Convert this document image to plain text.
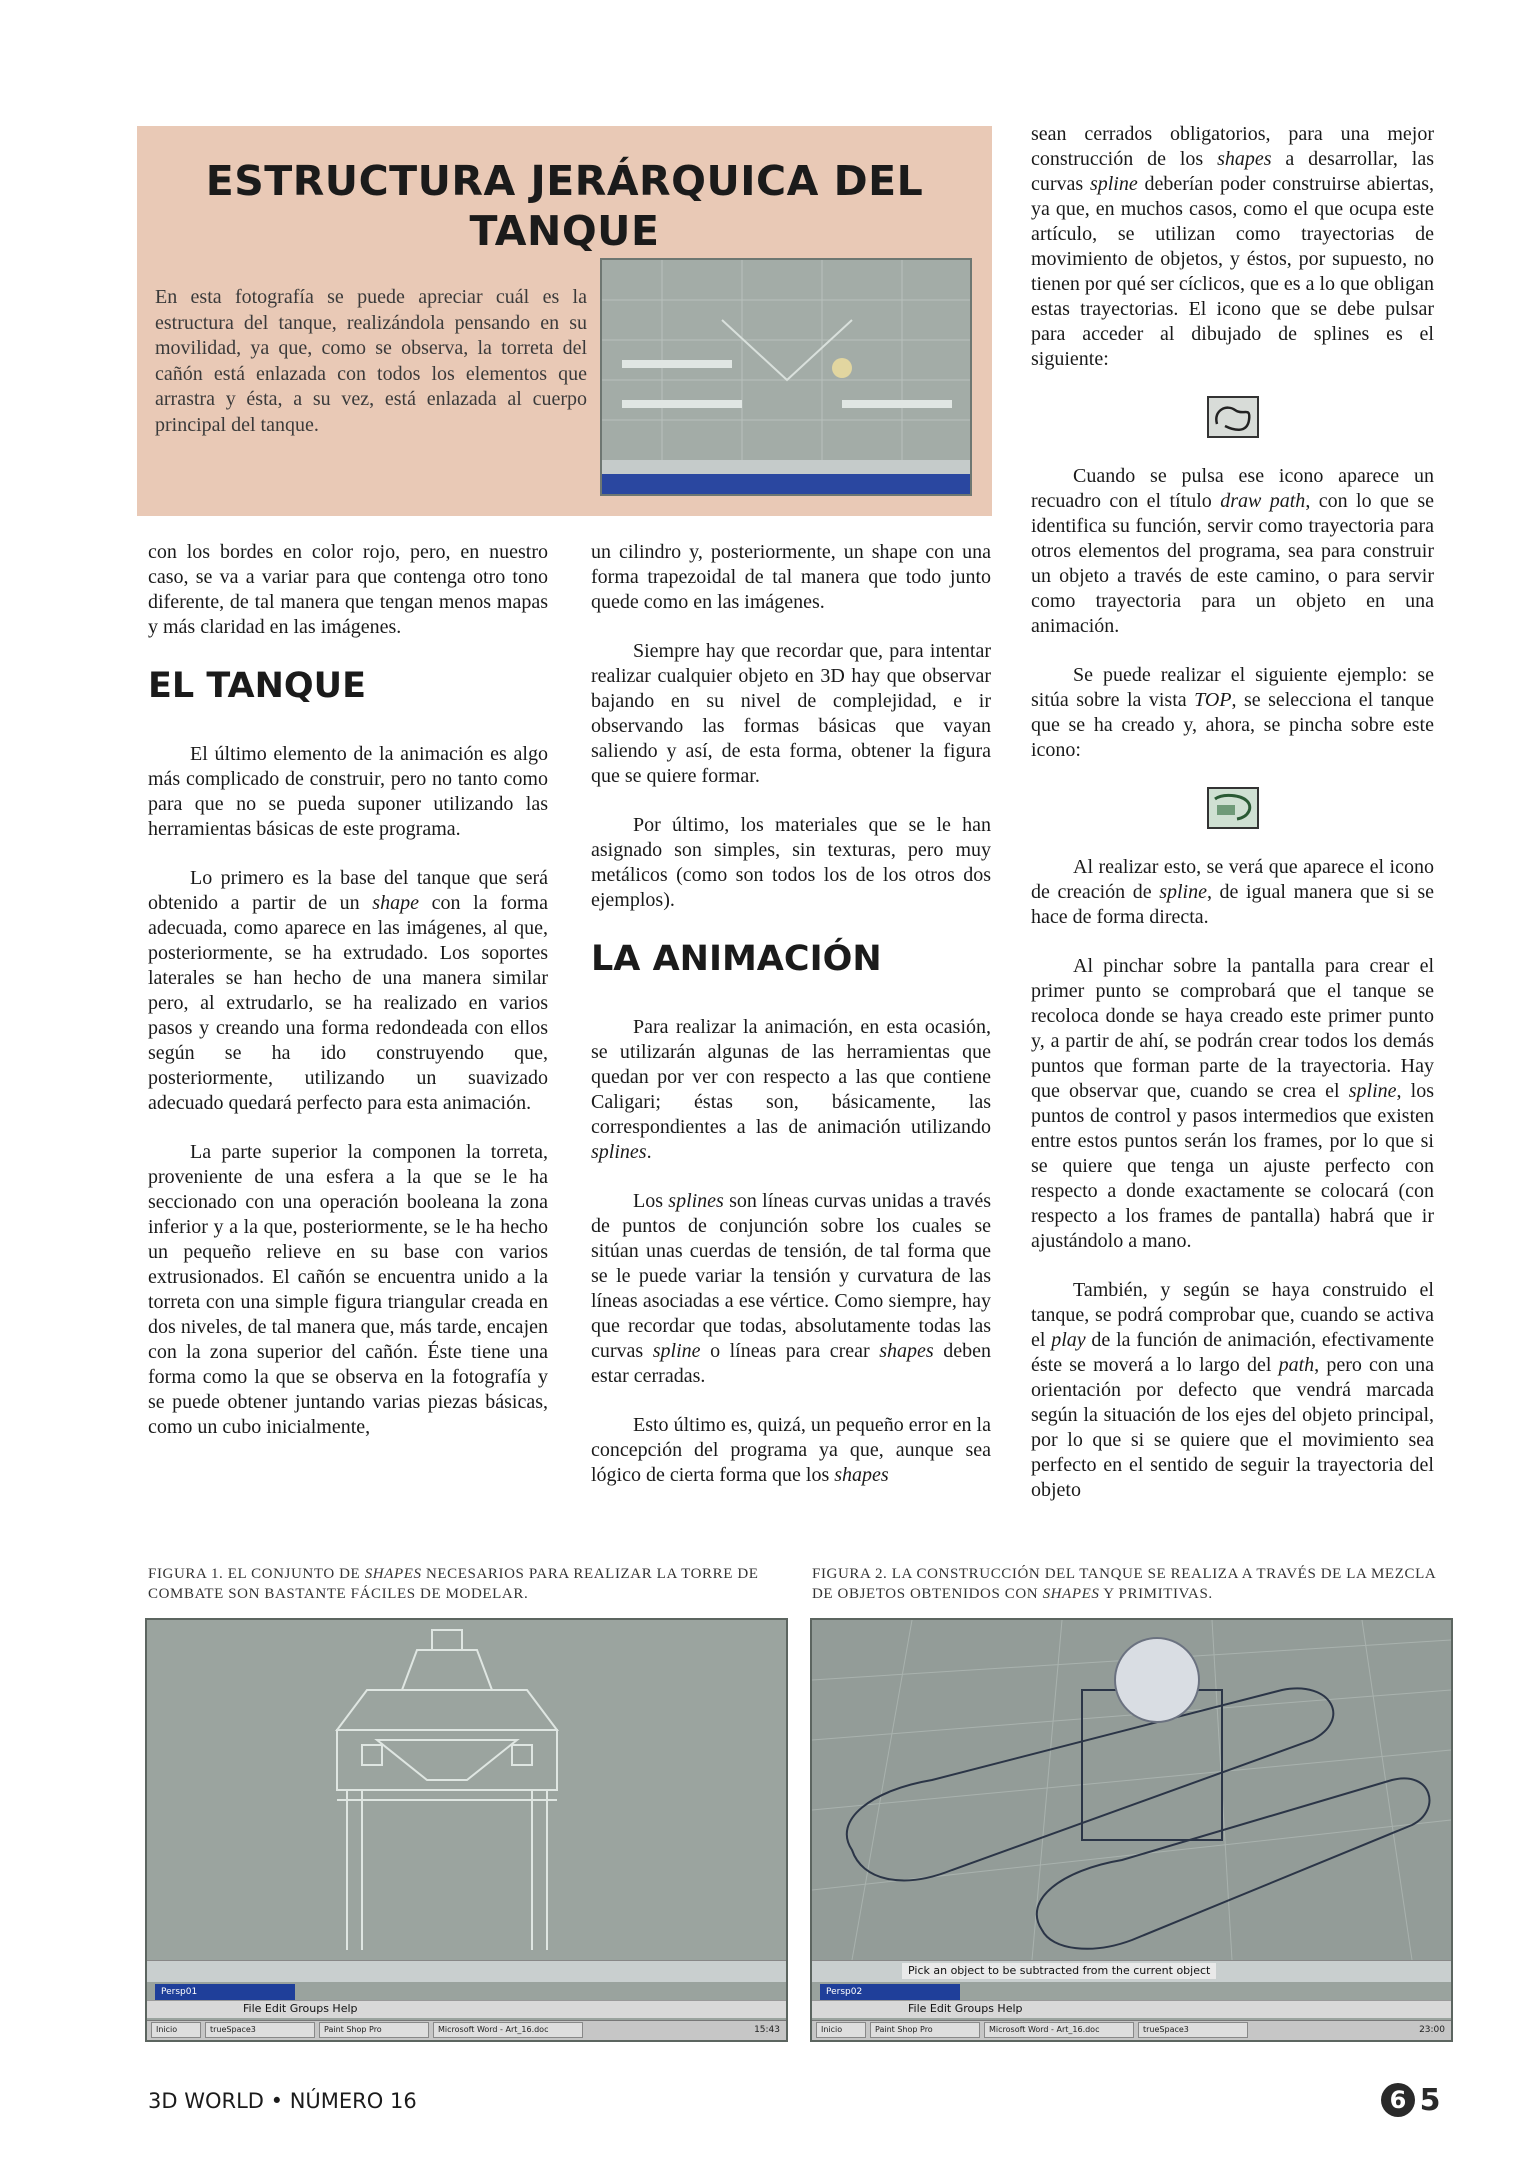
ESTRUCTURA JERÁRQUICA DEL TANQUE
En esta fotografía se puede apreciar cuál es la estructura del tanque, realizándola pensando en su movilidad, ya que, como se observa, la torreta del cañón está enlazada con todos los elementos que arrastra y ésta, a su vez, está enlazada al cuerpo principal del tanque.

con los bordes en color rojo, pero, en nuestro caso, se va a variar para que contenga otro tono diferente, de tal manera que tengan menos mapas y más claridad en las imágenes.

EL TANQUE

El último elemento de la animación es algo más complicado de construir, pero no tanto como para que no se pueda suponer utilizando las herramientas básicas de este programa.

Lo primero es la base del tanque que será obtenido a partir de un shape con la forma adecuada, como aparece en las imágenes, al que, posteriormente, se ha extrudado. Los soportes laterales se han hecho de una manera similar pero, al extrudarlo, se ha realizado en varios pasos y creando una forma redondeada con ellos según se ha ido construyendo que, posteriormente, utilizando un suavizado adecuado quedará perfecto para esta animación.

La parte superior la componen la torreta, proveniente de una esfera a la que se le ha seccionado con una operación booleana la zona inferior y a la que, posteriormente, se le ha hecho un pequeño relieve en su base con varios extrusionados. El cañón se encuentra unido a la torreta con una simple figura triangular creada en dos niveles, de tal manera que, más tarde, encajen con la zona superior del cañón. Éste tiene una forma como la que se observa en la fotografía y se puede obtener juntando varias piezas básicas, como un cubo inicialmente,

un cilindro y, posteriormente, un shape con una forma trapezoidal de tal manera que todo junto quede como en las imágenes.

Siempre hay que recordar que, para intentar realizar cualquier objeto en 3D hay que observar bajando en su nivel de complejidad, e ir observando las formas básicas que vayan saliendo y así, de esta forma, obtener la figura que se quiere formar.

Por último, los materiales que se le han asignado son simples, sin texturas, pero muy metálicos (como son todos los de los otros dos ejemplos).

LA ANIMACIÓN

Para realizar la animación, en esta ocasión, se utilizarán algunas de las herramientas que quedan por ver con respecto a las que contiene Caligari; éstas son, básicamente, las correspondientes a las de animación utilizando splines.

Los splines son líneas curvas unidas a través de puntos de conjunción sobre los cuales se sitúan unas cuerdas de tensión, de tal forma que se le puede variar la tensión y curvatura de las líneas asociadas a ese vértice. Como siempre, hay que recordar que todas, absolutamente todas las curvas spline o líneas para crear shapes deben estar cerradas.

Esto último es, quizá, un pequeño error en la concepción del programa ya que, aunque sea lógico de cierta forma que los shapes

sean cerrados obligatorios, para una mejor construcción de los shapes a desarrollar, las curvas spline deberían poder construirse abiertas, ya que, en muchos casos, como el que ocupa este artículo, se utilizan como trayectorias de movimiento de objetos, y éstos, por supuesto, no tienen por qué ser cíclicos, que es a lo que obligan estas trayectorias. El icono que se debe pulsar para acceder al dibujado de splines es el siguiente:

Cuando se pulsa ese icono aparece un recuadro con el título draw path, con lo que se identifica su función, servir como trayectoria para otros elementos del programa, sea para construir un objeto a través de este camino, o para servir como trayectoria para un objeto en una animación.

Se puede realizar el siguiente ejemplo: se sitúa sobre la vista TOP, se selecciona el tanque que se ha creado y, ahora, se pincha sobre este icono:

Al realizar esto, se verá que aparece el icono de creación de spline, de igual manera que si se hace de forma directa.

Al pinchar sobre la pantalla para crear el primer punto se comprobará que el tanque se recoloca donde se haya creado este primer punto y, a partir de ahí, se podrán crear todos los demás puntos que forman parte de la trayectoria. Hay que observar que, cuando se crea el spline, los puntos de control y pasos intermedios que existen entre estos puntos serán los frames, por lo que si se quiere que tenga un ajuste perfecto con respecto a donde exactamente se colocará (con respecto a los frames de pantalla) habrá que ir ajustándolo a mano.

También, y según se haya construido el tanque, se podrá comprobar que, cuando se activa el play de la función de animación, efectivamente éste se moverá a lo largo del path, pero con una orientación por defecto que vendrá marcada según la situación de los ejes del objeto principal, por lo que si se quiere que el movimiento sea perfecto en el sentido de seguir la trayectoria del objeto

FIGURA 1. EL CONJUNTO DE SHAPES NECESARIOS PARA REALIZAR LA TORRE DE COMBATE SON BASTANTE FÁCILES DE MODELAR.
FIGURA 2. LA CONSTRUCCIÓN DEL TANQUE SE REALIZA A TRAVÉS DE LA MEZCLA DE OBJETOS OBTENIDOS CON SHAPES Y PRIMITIVAS.
Persp01
File Edit Groups Help
Inicio	trueSpace3	Paint Shop Pro	Microsoft Word - Art_16.doc	15:43
Pick an object to be subtracted from the current object
Persp02
File Edit Groups Help
Inicio	Paint Shop Pro	Microsoft Word - Art_16.doc	trueSpace3	23:00
3D WORLD • NÚMERO 16	6 5
